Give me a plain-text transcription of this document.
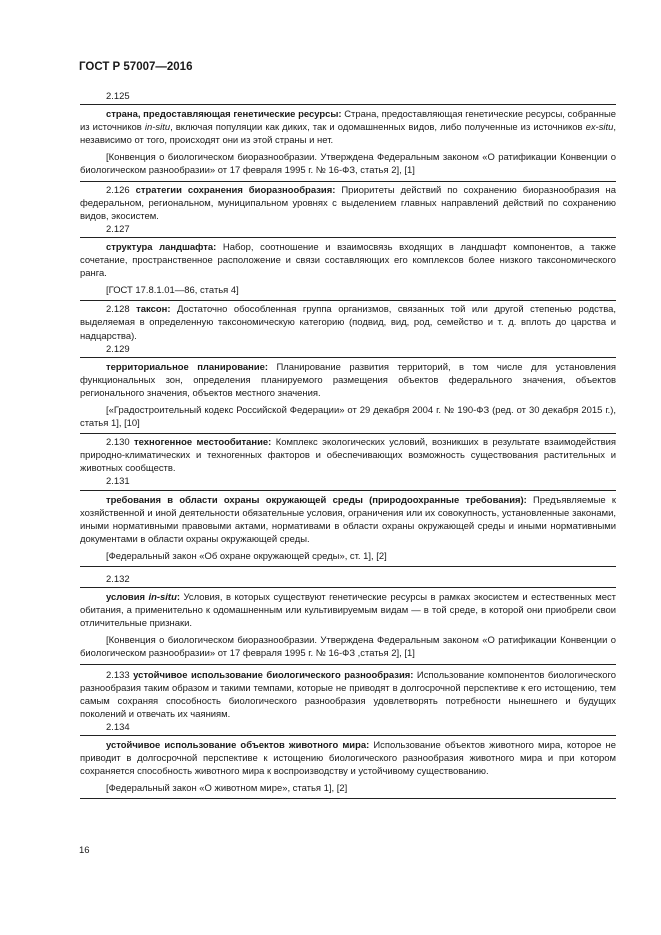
ГОСТ Р 57007—2016
2.125

страна, предоставляющая генетические ресурсы: Страна, предоставляющая генетические ресурсы, собранные из источников in-situ, включая популяции как диких, так и одомашненных видов, либо полученные из источников ex-situ, независимо от того, происходят они из этой страны и нет.

[Конвенция о биологическом биоразнообразии. Утверждена Федеральным законом «О ратификации Конвенции о биологическом разнообразии» от 17 февраля 1995 г. № 16-ФЗ, статья 2], [1]

2.126 стратегии сохранения биоразнообразия: Приоритеты действий по сохранению биоразнообразия на федеральном, региональном, муниципальном уровнях с выделением главных направлений действий по сохранению видов, экосистем.

2.127

структура ландшафта: Набор, соотношение и взаимосвязь входящих в ландшафт компонентов, а также сочетание, пространственное расположение и связи составляющих его комплексов более низкого таксономического ранга.

[ГОСТ 17.8.1.01—86, статья 4]

2.128 таксон: Достаточно обособленная группа организмов, связанных той или другой степенью родства, выделяемая в определенную таксономическую категорию (подвид, вид, род, семейство и т. д. вплоть до царства и надцарства).

2.129

территориальное планирование: Планирование развития территорий, в том числе для установления функциональных зон, определения планируемого размещения объектов федерального значения, объектов регионального значения, объектов местного значения.

[«Градостроительный кодекс Российской Федерации» от 29 декабря 2004 г. № 190-ФЗ (ред. от 30 декабря 2015 г.), статья 1], [10]

2.130 техногенное местообитание: Комплекс экологических условий, возникших в результате взаимодействия природно-климатических и техногенных факторов и обеспечивающих возможность существования растительных и животных сообществ.

2.131

требования в области охраны окружающей среды (природоохранные требования): Предъявляемые к хозяйственной и иной деятельности обязательные условия, ограничения или их совокупность, установленные законами, иными нормативными правовыми актами, нормативами в области охраны окружающей среды и иными нормативными документами в области охраны окружающей среды.

[Федеральный закон «Об охране окружающей среды», ст. 1], [2]

2.132

условия in-situ: Условия, в которых существуют генетические ресурсы в рамках экосистем и естественных мест обитания, а применительно к одомашненным или культивируемым видам — в той среде, в которой они приобрели свои отличительные признаки.

[Конвенция о биологическом биоразнообразии. Утверждена Федеральным законом «О ратификации Конвенции о биологическом разнообразии» от 17 февраля 1995 г. № 16-ФЗ ,статья 2], [1]

2.133 устойчивое использование биологического разнообразия: Использование компонентов биологического разнообразия таким образом и такими темпами, которые не приводят в долгосрочной перспективе к его истощению, тем самым сохраняя способность биологического разнообразия удовлетворять потребности нынешнего и будущих поколений и отвечать их чаяниям.

2.134

устойчивое использование объектов животного мира: Использование объектов животного мира, которое не приводит в долгосрочной перспективе к истощению биологического разнообразия животного мира и при котором сохраняется способность животного мира к воспроизводству и устойчивому существованию.

[Федеральный закон «О животном мире», статья 1], [2]

16
